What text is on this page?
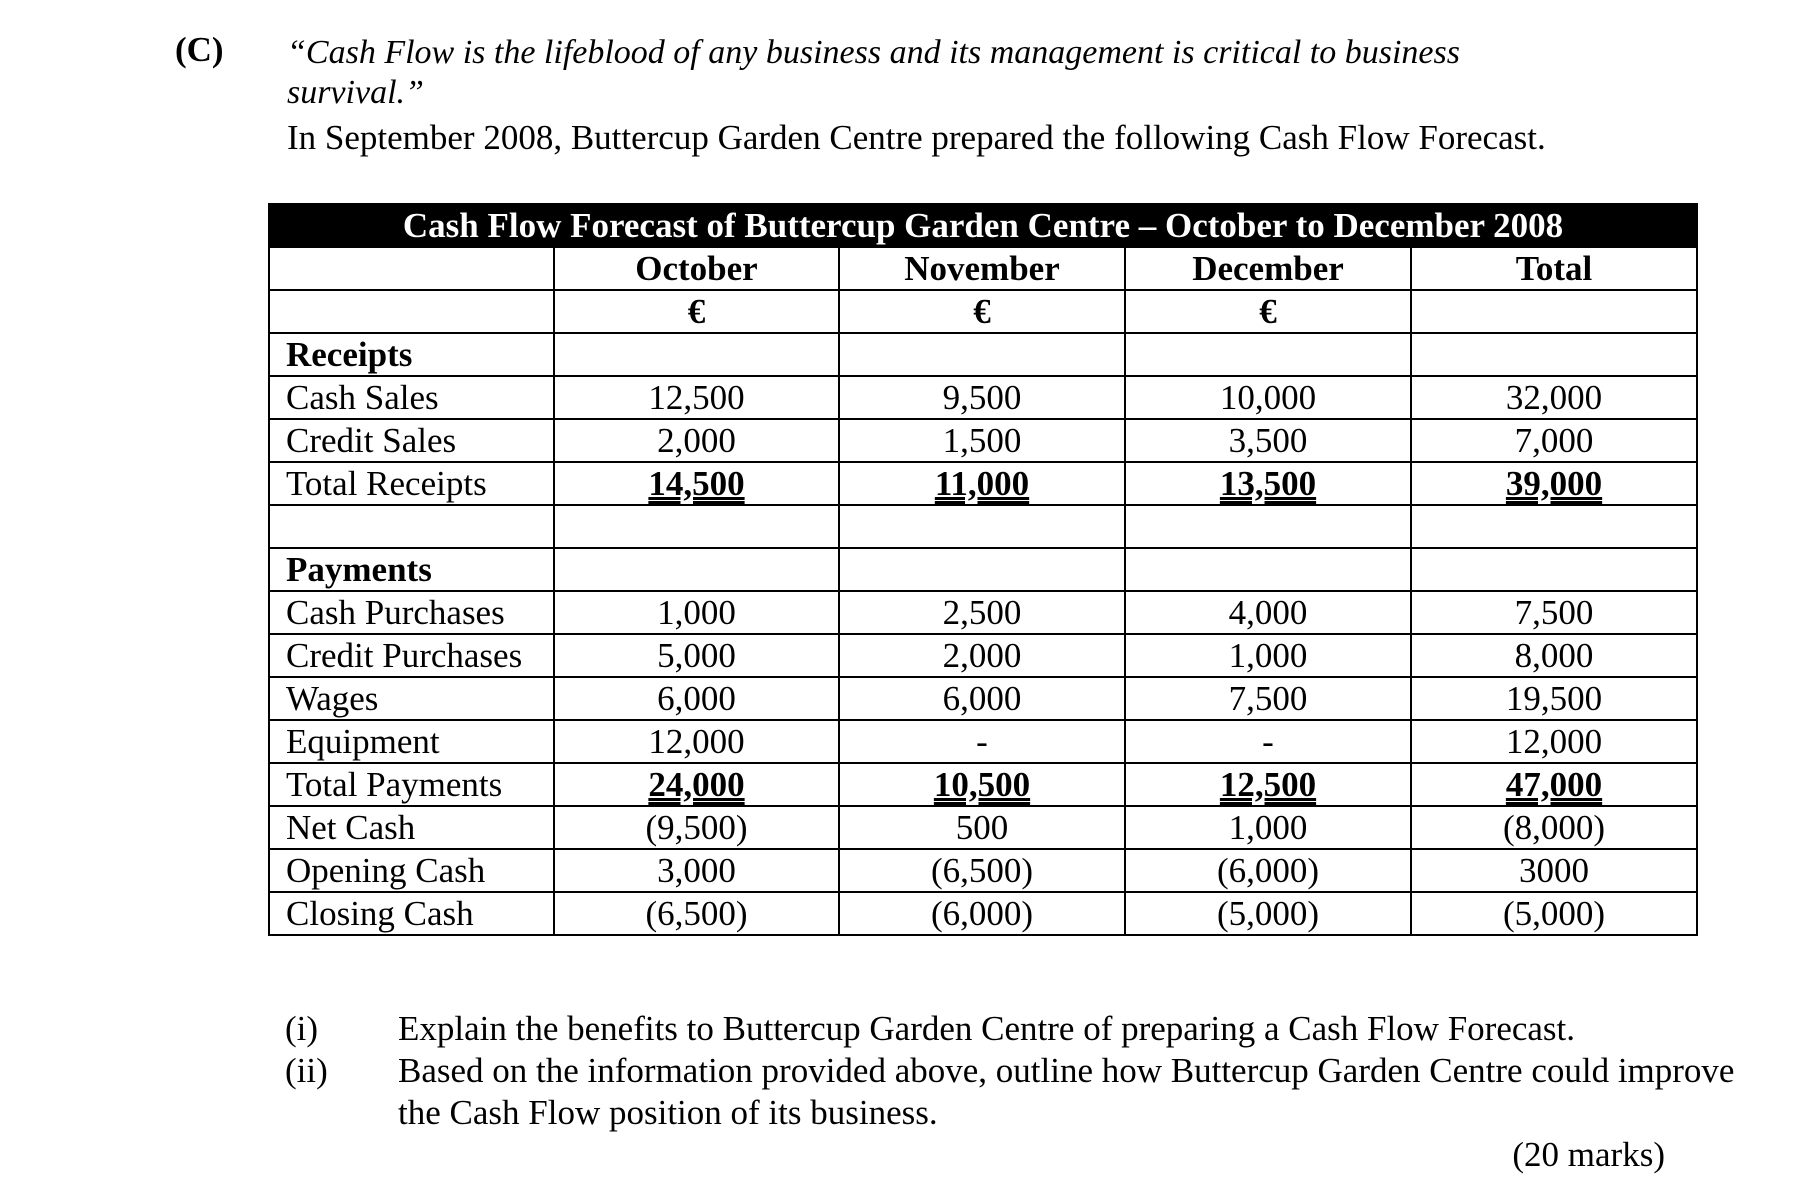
(C) “Cash Flow is the lifeblood of any business and its management is critical to business
survival.”
In September 2008, Buttercup Garden Centre prepared the following Cash Flow Forecast.
Cash Flow Forecast of Buttercup Garden Centre – October to December 2008				
	October	November	December	Total
	€	€	€	
Receipts				
Cash Sales	12,500	9,500	10,000	32,000
Credit Sales	2,000	1,500	3,500	7,000
Total Receipts	14,500	11,000	13,500	39,000

Payments				
Cash Purchases	1,000	2,500	4,000	7,500
Credit Purchases	5,000	2,000	1,000	8,000
Wages	6,000	6,000	7,500	19,500
Equipment	12,000	-	-	12,000
Total Payments	24,000	10,500	12,500	47,000
Net Cash	(9,500)	500	1,000	(8,000)
Opening Cash	3,000	(6,500)	(6,000)	3000
Closing Cash	(6,500)	(6,000)	(5,000)	(5,000)
(i)	Explain the benefits to Buttercup Garden Centre of preparing a Cash Flow Forecast.
(ii)	Based on the information provided above, outline how Buttercup Garden Centre could improve the Cash Flow position of its business.
(20 marks)
